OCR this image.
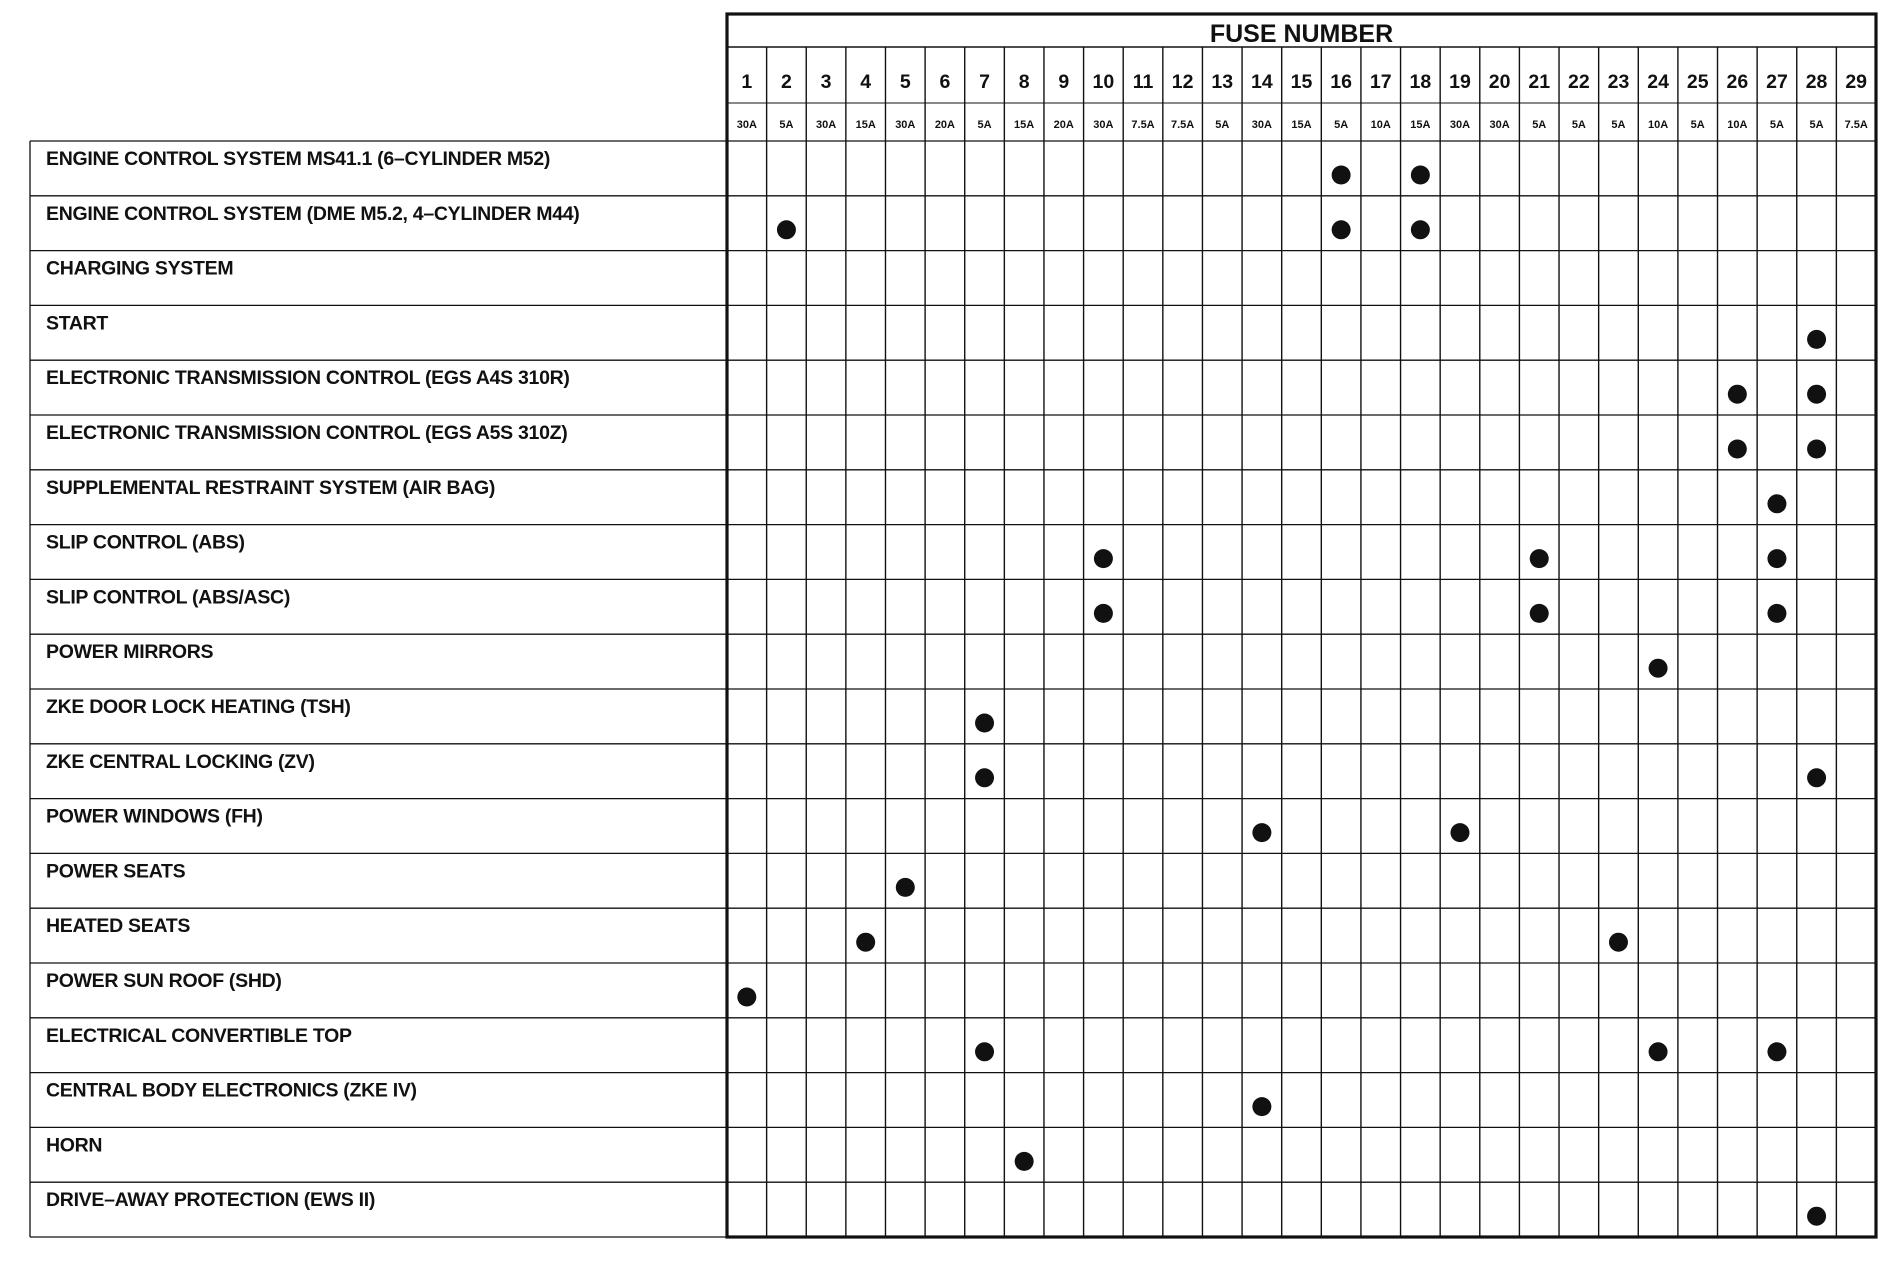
FUSE NUMBER
1
30A
2
5A
3
30A
4
15A
5
30A
6
20A
7
5A
8
15A
9
20A
10
30A
11
7.5A
12
7.5A
13
5A
14
30A
15
15A
16
5A
17
10A
18
15A
19
30A
20
30A
21
5A
22
5A
23
5A
24
10A
25
5A
26
10A
27
5A
28
5A
29
7.5A
ENGINE CONTROL SYSTEM MS41.1 (6–CYLINDER M52)
ENGINE CONTROL SYSTEM (DME M5.2, 4–CYLINDER M44)
CHARGING SYSTEM
START
ELECTRONIC TRANSMISSION CONTROL (EGS A4S 310R)
ELECTRONIC TRANSMISSION CONTROL (EGS A5S 310Z)
SUPPLEMENTAL RESTRAINT SYSTEM (AIR BAG)
SLIP CONTROL (ABS)
SLIP CONTROL (ABS/ASC)
POWER MIRRORS
ZKE DOOR LOCK HEATING (TSH)
ZKE CENTRAL LOCKING (ZV)
POWER WINDOWS (FH)
POWER SEATS
HEATED SEATS
POWER SUN ROOF (SHD)
ELECTRICAL CONVERTIBLE TOP
CENTRAL BODY ELECTRONICS (ZKE IV)
HORN
DRIVE–AWAY PROTECTION (EWS II)
